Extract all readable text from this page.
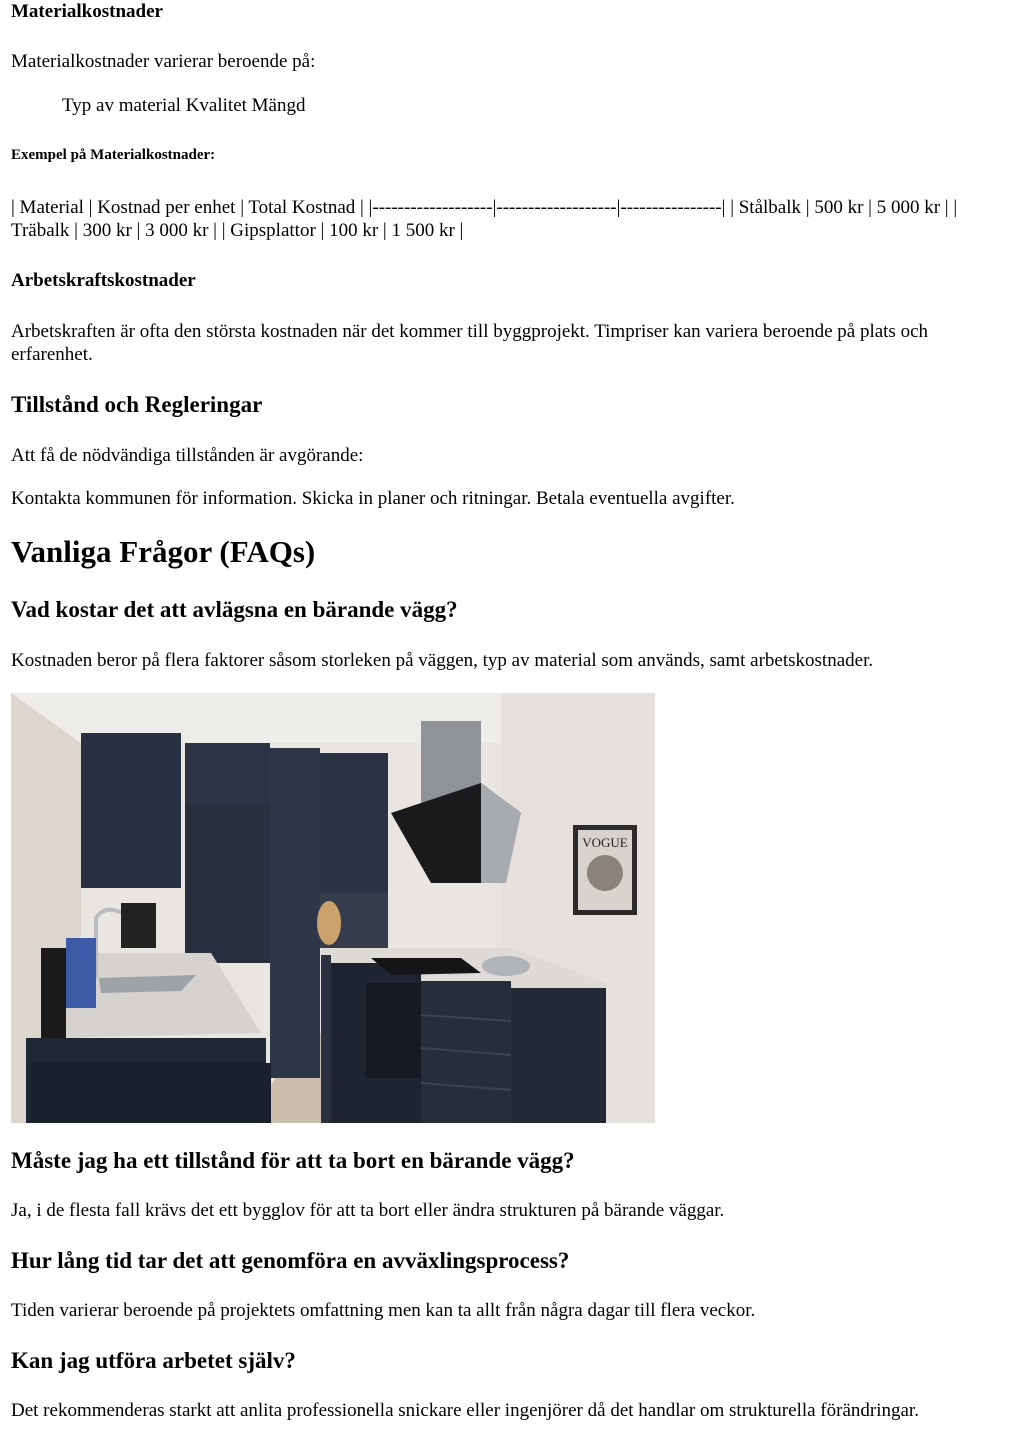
Materialkostnader

Materialkostnader varierar beroende på:

Typ av material Kvalitet Mängd

Exempel på Materialkostnader:

| Material | Kostnad per enhet | Total Kostnad | |-------------------|-------------------|----------------| | Stålbalk | 500 kr | 5 000 kr | | Träbalk | 300 kr | 3 000 kr | | Gipsplattor | 100 kr | 1 500 kr |

Arbetskraftskostnader

Arbetskraften är ofta den största kostnaden när det kommer till byggprojekt. Timpriser kan variera beroende på plats och erfarenhet.

Tillstånd och Regleringar

Att få de nödvändiga tillstånden är avgörande:

Kontakta kommunen för information. Skicka in planer och ritningar. Betala eventuella avgifter.

Vanliga Frågor (FAQs)
Vad kostar det att avlägsna en bärande vägg?

Kostnaden beror på flera faktorer såsom storleken på väggen, typ av material som används, samt arbetskostnader.

VOGUE
Måste jag ha ett tillstånd för att ta bort en bärande vägg?

Ja, i de flesta fall krävs det ett bygglov för att ta bort eller ändra strukturen på bärande väggar.

Hur lång tid tar det att genomföra en avväxlingsprocess?

Tiden varierar beroende på projektets omfattning men kan ta allt från några dagar till flera veckor.

Kan jag utföra arbetet själv?

Det rekommenderas starkt att anlita professionella snickare eller ingenjörer då det handlar om strukturella förändringar.
